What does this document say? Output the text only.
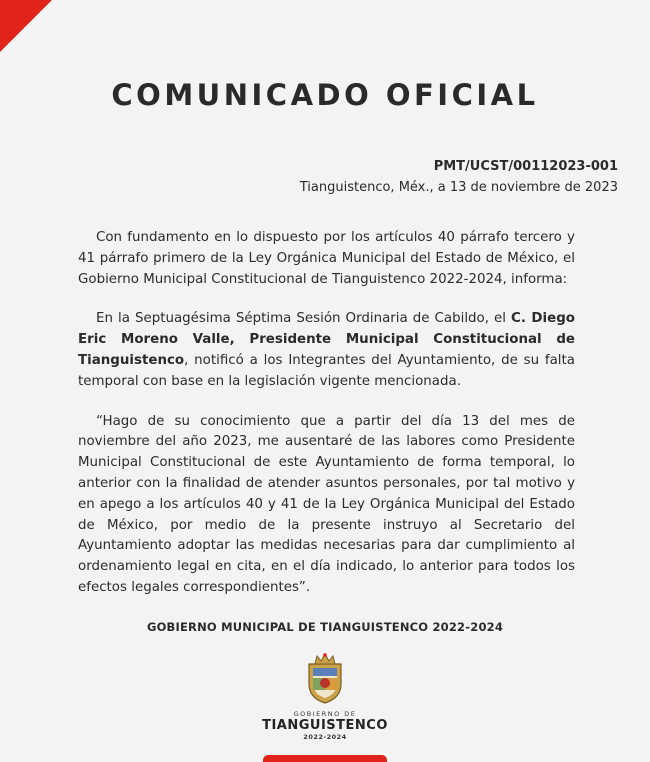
COMUNICADO OFICIAL
PMT/UCST/00112023-001
Tianguistenco, Méx., a 13 de noviembre de 2023

Con fundamento en lo dispuesto por los artículos 40 párrafo tercero y 41 párrafo primero de la Ley Orgánica Municipal del Estado de México, el Gobierno Municipal Constitucional de Tianguistenco 2022-2024, informa:

En la Septuagésima Séptima Sesión Ordinaria de Cabildo, el C. Diego Eric Moreno Valle, Presidente Municipal Constitucional de Tianguistenco, notificó a los Integrantes del Ayuntamiento, de su falta temporal con base en la legislación vigente mencionada.

“Hago de su conocimiento que a partir del día 13 del mes de noviembre del año 2023, me ausentaré de las labores como Presidente Municipal Constitucional de este Ayuntamiento de forma temporal, lo anterior con la finalidad de atender asuntos personales, por tal motivo y en apego a los artículos 40 y 41 de la Ley Orgánica Municipal del Estado de México, por medio de la presente instruyo al Secretario del Ayuntamiento adoptar las medidas necesarias para dar cumplimiento al ordenamiento legal en cita, en el día indicado, lo anterior para todos los efectos legales correspondientes”.

GOBIERNO MUNICIPAL DE TIANGUISTENCO 2022-2024
GOBIERNO DE
TIANGUISTENCO
2022-2024
